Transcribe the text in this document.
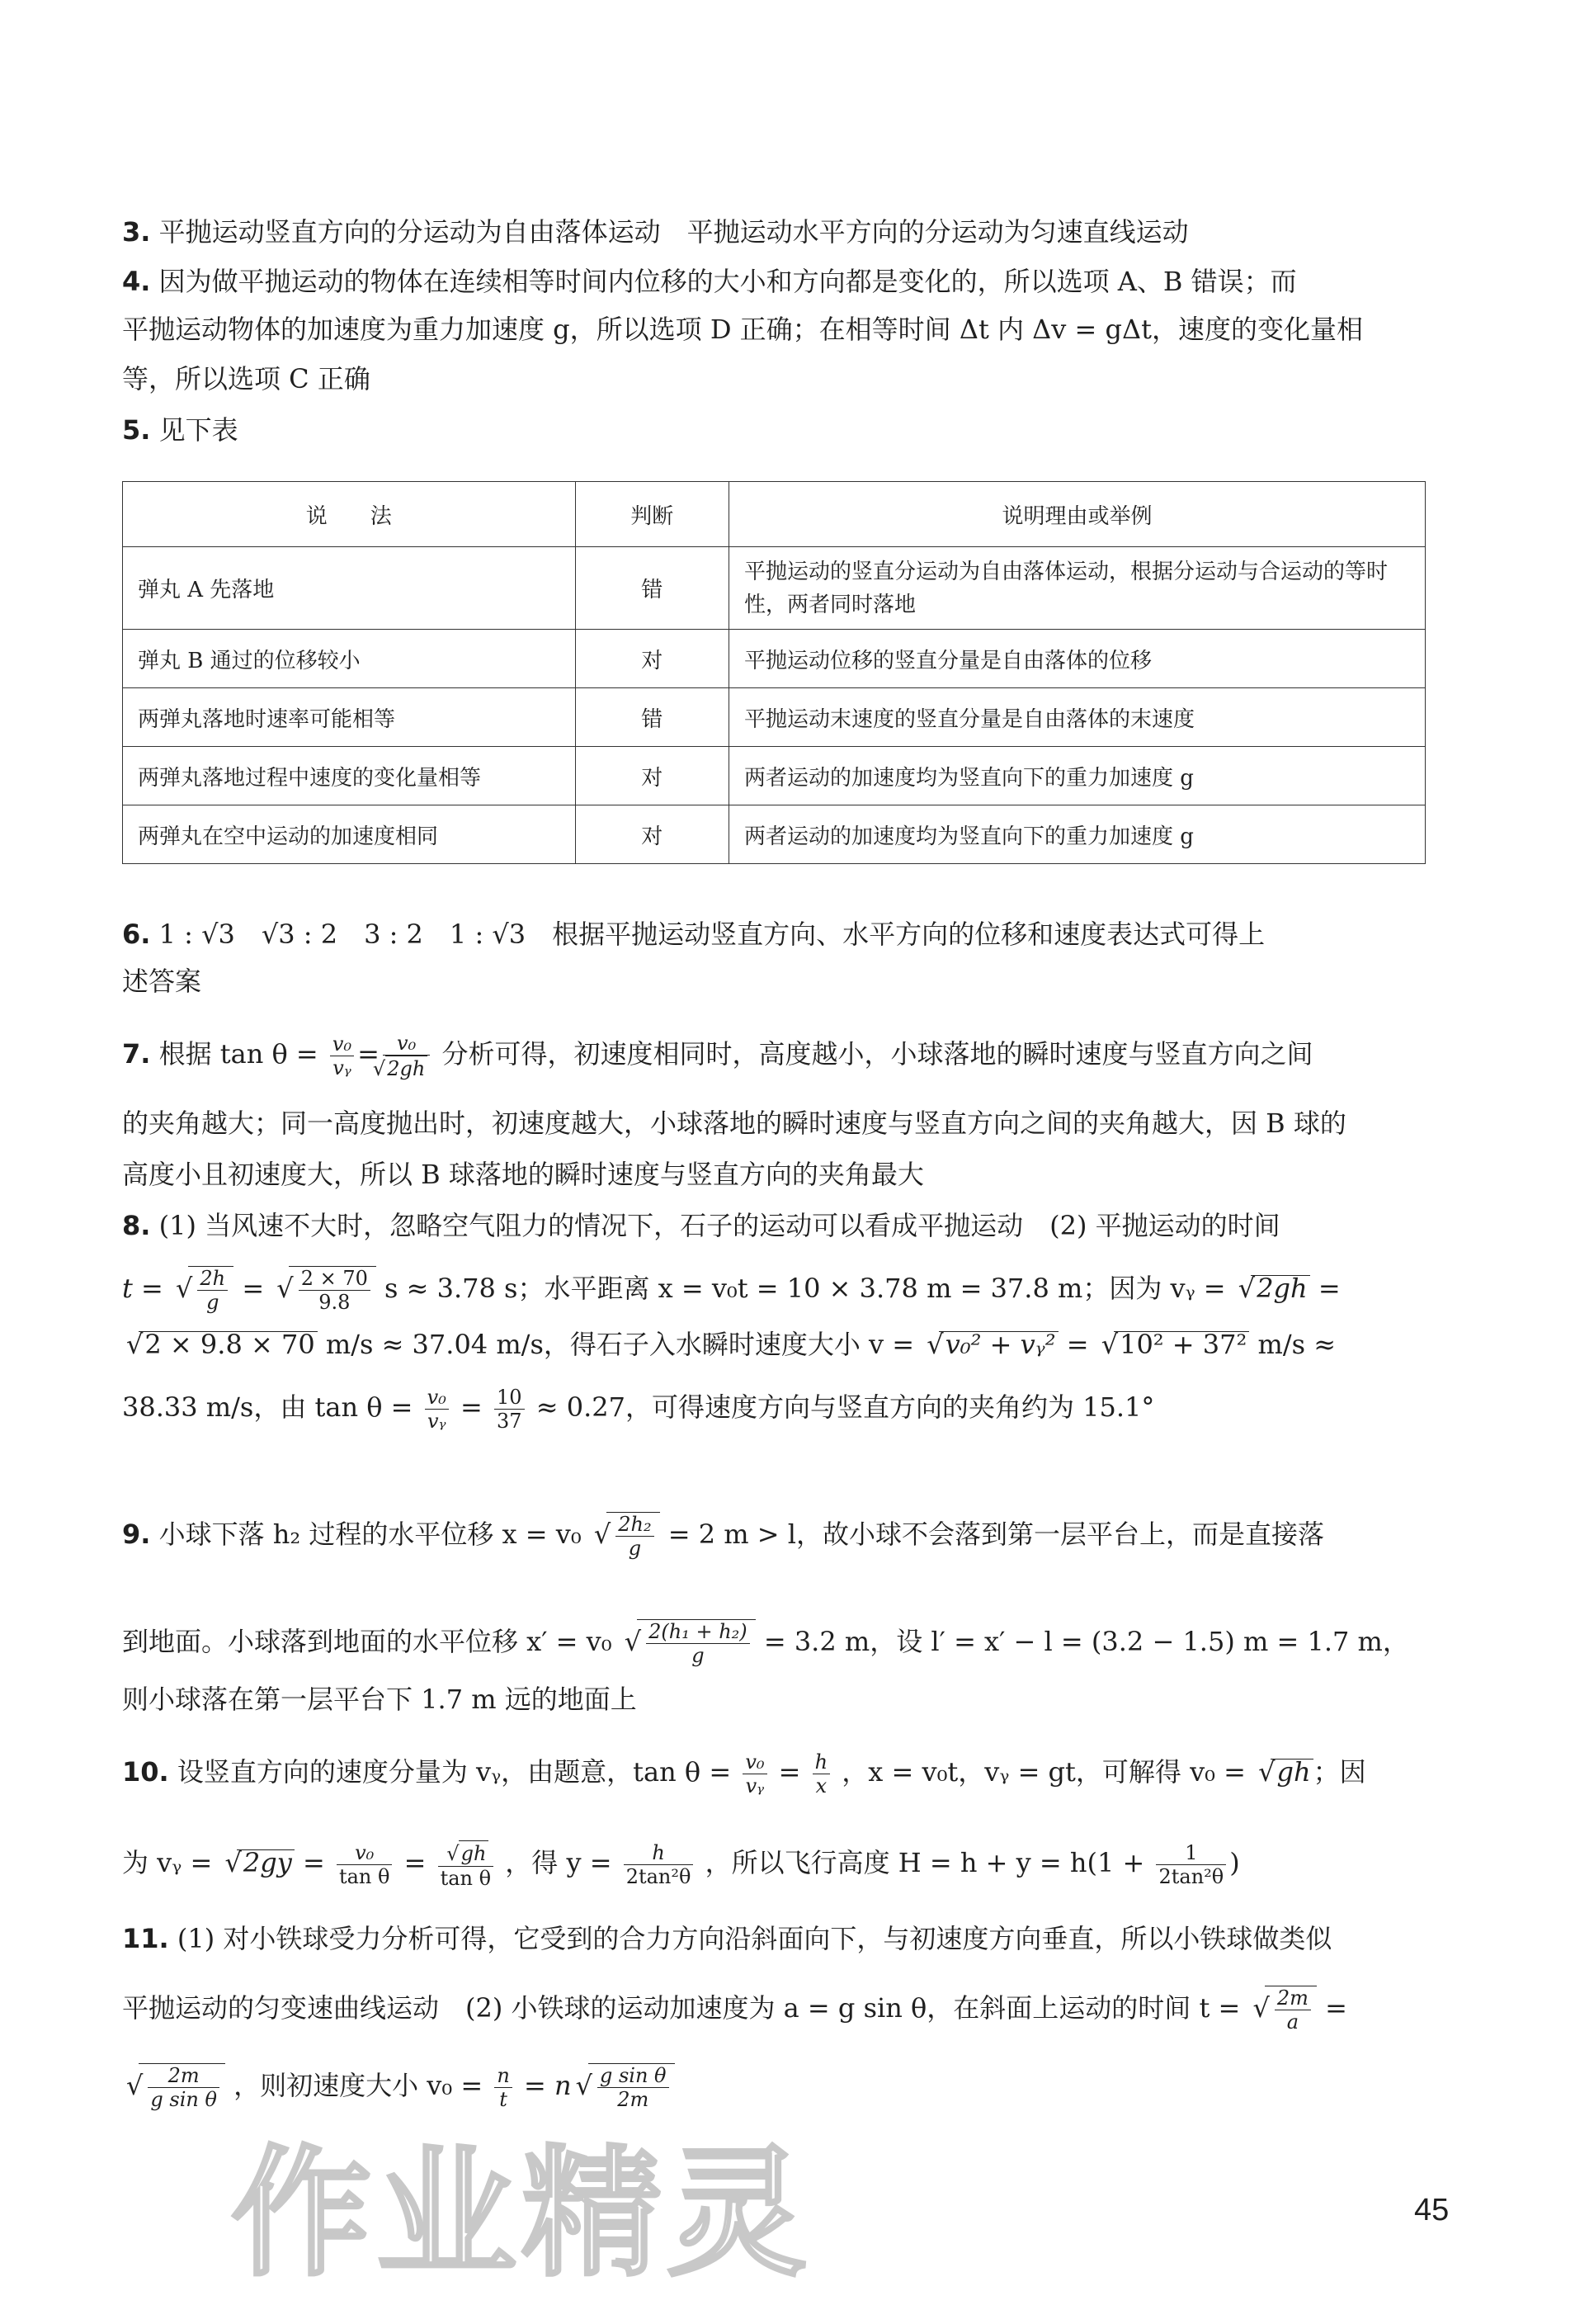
3. 平抛运动竖直方向的分运动为自由落体运动　平抛运动水平方向的分运动为匀速直线运动
4. 因为做平抛运动的物体在连续相等时间内位移的大小和方向都是变化的，所以选项 A、B 错误；而
平抛运动物体的加速度为重力加速度 g，所以选项 D 正确；在相等时间 Δt 内 Δv = gΔt，速度的变化量相
等，所以选项 C 正确
5. 见下表
说　　法	判断	说明理由或举例
弹丸 A 先落地	错	平抛运动的竖直分运动为自由落体运动，根据分运动与合运动的等时性，两者同时落地
弹丸 B 通过的位移较小	对	平抛运动位移的竖直分量是自由落体的位移
两弹丸落地时速率可能相等	错	平抛运动末速度的竖直分量是自由落体的末速度
两弹丸落地过程中速度的变化量相等	对	两者运动的加速度均为竖直向下的重力加速度 g
两弹丸在空中运动的加速度相同	对	两者运动的加速度均为竖直向下的重力加速度 g
6. 1 : √3　√3 : 2　3 : 2　1 : √3　 根据平抛运动竖直方向、水平方向的位移和速度表达式可得上
述答案
7. 根据 $\tan \theta = \frac{\text{v₀}}{\text{vᵧ}} = v_0$
√ 2gh 分析可得，初速度相同时，高度越小，小球落地的瞬时速度与竖直方向之间
的夹角越大；同一高度抛出时，初速度越大，小球落地的瞬时速度与竖直方向之间的夹角越大，因 B 球的
高度小且初速度大，所以 B 球落地的瞬时速度与竖直方向的夹角最大
8. (1) 当风速不大时，忽略空气阻力的情况下，石子的运动可以看成平抛运动　(2) 平抛运动的时间
t = √ $\frac{2h}{g}$ = √ $\frac{2 \times 70}{9.8}$ s ≈ 3.78 s；水平距离 x = v₀t = 10 × 3.78 m = 37.8 m；因为 vᵧ = √ 2gh =
√ 2 × 9.8 × 70 m/s ≈ 37.04 m/s，得石子入水瞬时速度大小 v = √ v₀² + vᵧ² = √ 10² + 37² m/s ≈
38.33 m/s，由 $\tan \theta = \frac{\text{v₀}}{\text{vᵧ}} = \frac{10}{37} \approx 0.27$，可得速度方向与竖直方向的夹角约为 15.1°
9. 小球下落 h₂ 过程的水平位移 x = v₀ √ $\frac{\text{2h₂}}{g} = 2$ m > l，故小球不会落到第一层平台上，而是直接落
到地面。小球落到地面的水平位移 x′ = v₀ √ $\frac{\text{2(h₁ + h₂)}}{g} = 3.2$ m，设 l′ = x′ − l = (3.2 − 1.5) m = 1.7 m，
则小球落在第一层平台下 1.7 m 远的地面上
10. 设竖直方向的速度分量为 vᵧ，由题意，$\tan \theta = \frac{\text{v₀}}{\text{vᵧ}} = \frac{h}{x}$ ，x = v₀t，vᵧ = gt，可解得 v₀ = √ gh；因
为 vᵧ = √ $2gy = \frac{\text{v₀}}{\text{tan θ}}$ = √ $\frac{gh}{\text{tan θ}}$ ，得 $y = \frac{h}{\text{2tan²θ}}$ ，所以飞行高度 $H = h + y = h(1 + \frac{1}{\text{2tan²θ}}$ )
11. (1) 对小铁球受力分析可得，它受到的合力方向沿斜面向下，与初速度方向垂直，所以小铁球做类似
平抛运动的匀变速曲线运动　(2) 小铁球的运动加速度为 a = g sin θ，在斜面上运动的时间 t = √ $\frac{2m}{a}$ =
√ $\frac{2m}{\text{g sin θ}}$ ，则初速度大小 $v_0 = \frac{n}{t} = n$ √ $\frac{\text{g sin θ}}{2m}$
作业精灵	45
